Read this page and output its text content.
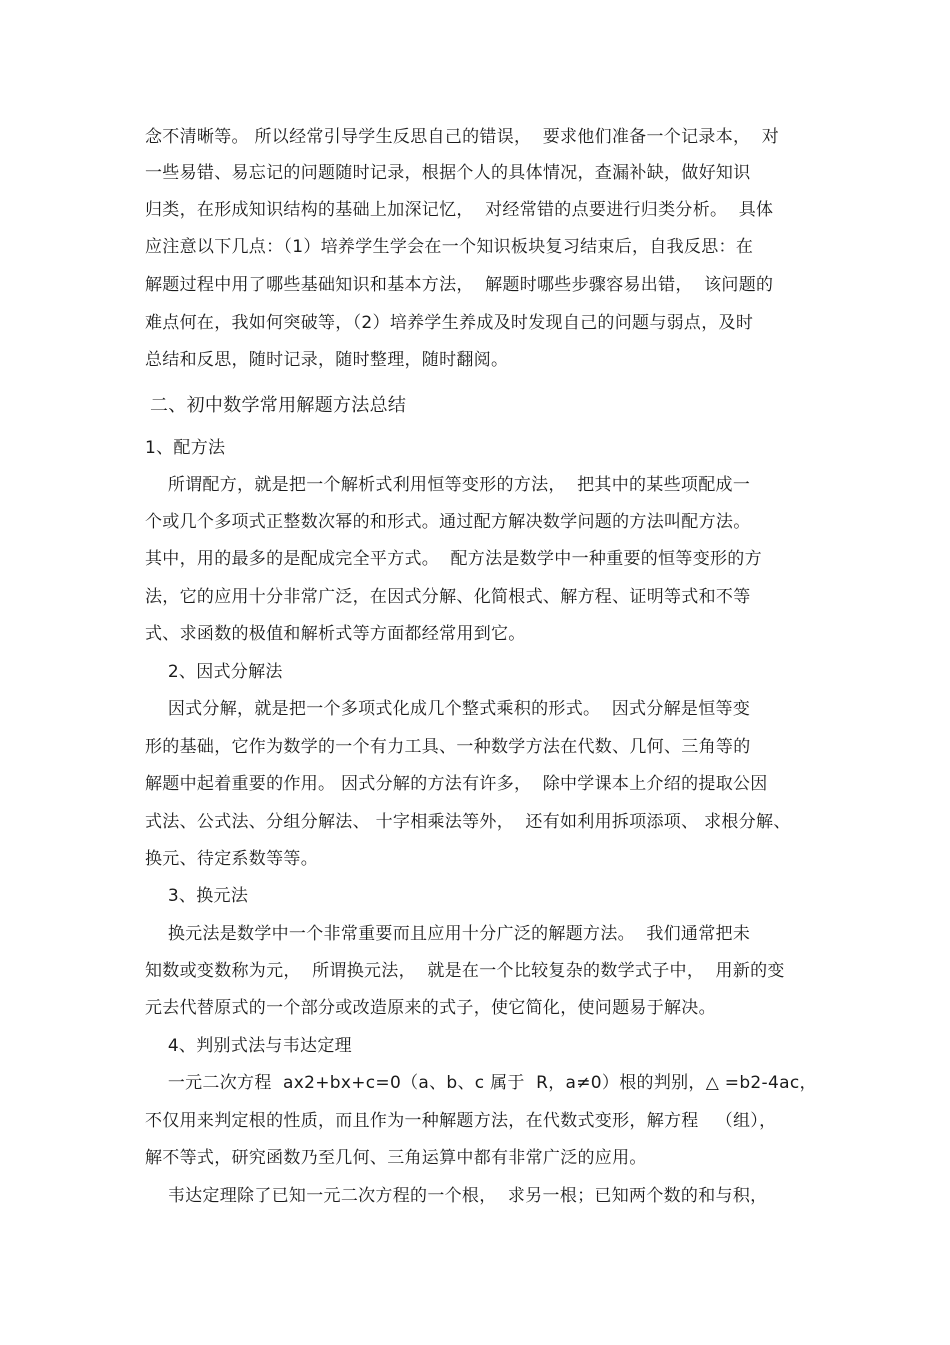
念不清晰等。 所以经常引导学生反思自己的错误，  要求他们准备一个记录本，  对
一些易错、易忘记的问题随时记录，根据个人的具体情况，查漏补缺，做好知识
归类，在形成知识结构的基础上加深记忆，  对经常错的点要进行归类分析。  具体
应注意以下几点：（1）培养学生学会在一个知识板块复习结束后，自我反思：在
解题过程中用了哪些基础知识和基本方法，  解题时哪些步骤容易出错，  该问题的
难点何在，我如何突破等，（2）培养学生养成及时发现自己的问题与弱点，及时
总结和反思，随时记录，随时整理，随时翻阅。
二、初中数学常用解题方法总结
1、配方法
所谓配方，就是把一个解析式利用恒等变形的方法，  把其中的某些项配成一
个或几个多项式正整数次幂的和形式。通过配方解决数学问题的方法叫配方法。
其中，用的最多的是配成完全平方式。  配方法是数学中一种重要的恒等变形的方
法，它的应用十分非常广泛，在因式分解、化简根式、解方程、证明等式和不等
式、求函数的极值和解析式等方面都经常用到它。
2、因式分解法
因式分解，就是把一个多项式化成几个整式乘积的形式。  因式分解是恒等变
形的基础，它作为数学的一个有力工具、一种数学方法在代数、几何、三角等的
解题中起着重要的作用。 因式分解的方法有许多，  除中学课本上介绍的提取公因
式法、公式法、分组分解法、 十字相乘法等外，  还有如利用拆项添项、 求根分解、
换元、待定系数等等。
3、换元法
换元法是数学中一个非常重要而且应用十分广泛的解题方法。  我们通常把未
知数或变数称为元，  所谓换元法，  就是在一个比较复杂的数学式子中，  用新的变
元去代替原式的一个部分或改造原来的式子，使它简化，使问题易于解决。
4、判别式法与韦达定理
一元二次方程  ax2+bx+c=0（a、b、c 属于  R，a≠0）根的判别，△ =b2-4ac，
不仅用来判定根的性质，而且作为一种解题方法，在代数式变形，解方程   （组），
解不等式，研究函数乃至几何、三角运算中都有非常广泛的应用。
韦达定理除了已知一元二次方程的一个根，  求另一根；已知两个数的和与积，
